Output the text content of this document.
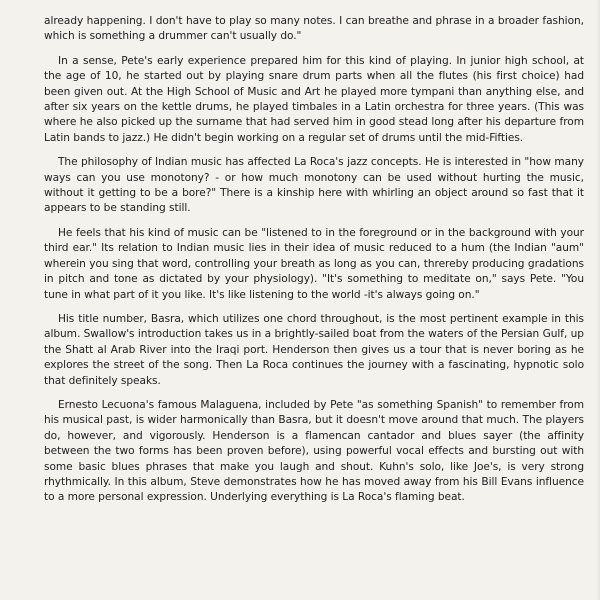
already happening. I don't have to play so many notes. I can breathe and phrase in a broader fashion, which is something a drummer can't usually do."

In a sense, Pete's early experience prepared him for this kind of playing. In junior high school, at the age of 10, he started out by playing snare drum parts when all the flutes (his first choice) had been given out. At the High School of Music and Art he played more tympani than anything else, and after six years on the kettle drums, he played timbales in a Latin orchestra for three years. (This was where he also picked up the surname that had served him in good stead long after his departure from Latin bands to jazz.) He didn't begin working on a regular set of drums until the mid-Fifties.

The philosophy of Indian music has affected La Roca's jazz concepts. He is interested in "how many ways can you use monotony? - or how much monotony can be used without hurting the music, without it getting to be a bore?" There is a kinship here with whirling an object around so fast that it appears to be standing still.

He feels that his kind of music can be "listened to in the foreground or in the background with your third ear." Its relation to Indian music lies in their idea of music reduced to a hum (the Indian "aum" wherein you sing that word, controlling your breath as long as you can, threreby producing gradations in pitch and tone as dictated by your physiology). "It's something to meditate on," says Pete. "You tune in what part of it you like. It's like listening to the world -it's always going on."

His title number, Basra, which utilizes one chord throughout, is the most pertinent example in this album. Swallow's introduction takes us in a brightly-sailed boat from the waters of the Persian Gulf, up the Shatt al Arab River into the Iraqi port. Henderson then gives us a tour that is never boring as he explores the street of the song. Then La Roca continues the journey with a fascinating, hypnotic solo that definitely speaks.

Ernesto Lecuona's famous Malaguena, included by Pete "as something Spanish" to remember from his musical past, is wider harmonically than Basra, but it doesn't move around that much. The players do, however, and vigorously. Henderson is a flamencan cantador and blues sayer (the affinity between the two forms has been proven before), using powerful vocal effects and bursting out with some basic blues phrases that make you laugh and shout. Kuhn's solo, like Joe's, is very strong rhythmically. In this album, Steve demonstrates how he has moved away from his Bill Evans influence to a more personal expression. Underlying everything is La Roca's flaming beat.
